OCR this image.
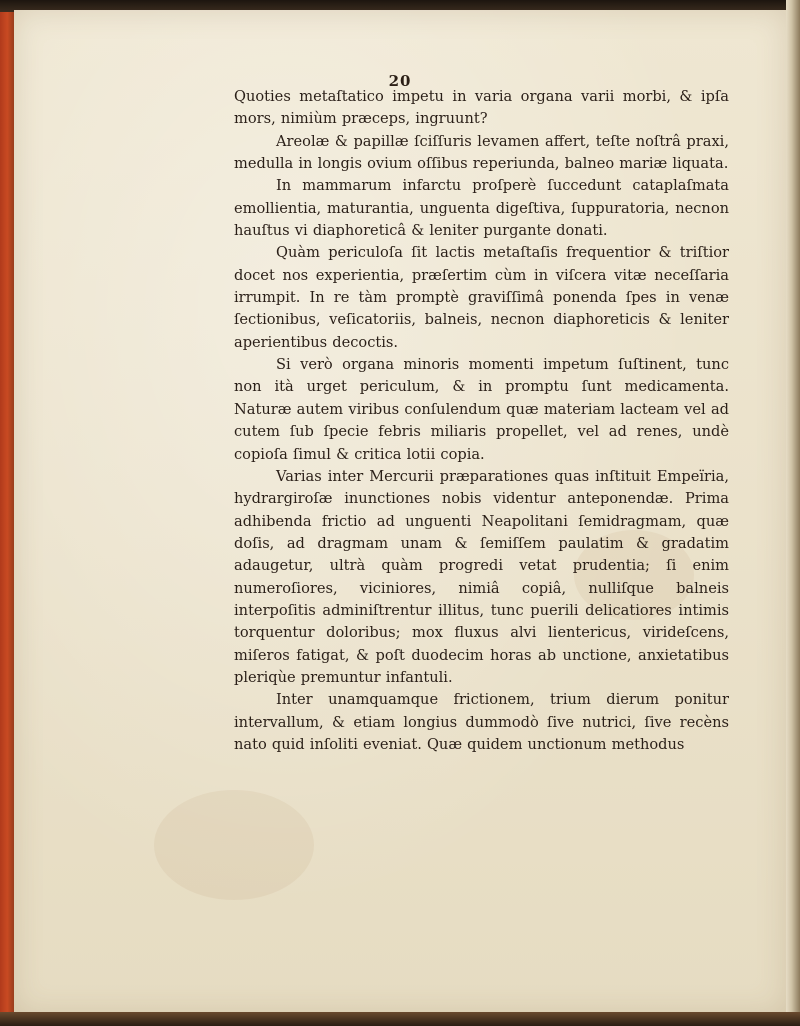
20

Quoties metaſtatico impetu in varia organa varii morbi, & ipſa mors, nimiùm præceps, ingruunt?

Areolæ & papillæ ſciſſuris levamen affert, teſte noſtrâ praxi, medulla in longis ovium oſſibus reperiunda, balneo mariæ liquata.

In mammarum infarctu proſperè ſuccedunt cataplaſmata emollientia, maturantia, unguenta digeſtiva, ſuppuratoria, necnon hauſtus vi diaphoreticâ & leniter purgante donati.

Quàm periculoſa ſit lactis metaſtaſis frequentior & triſtior docet nos experientia, præſertim cùm in viſcera vitæ neceſſaria irrumpit. In re tàm promptè graviſſimâ ponenda ſpes in venæ ſectionibus, veſicatoriis, balneis, necnon diaphoreticis & leniter aperientibus decoctis.

Si verò organa minoris momenti impetum ſuſtinent, tunc non ità urget periculum, & in promptu ſunt medicamenta. Naturæ autem viribus conſulendum quæ materiam lacteam vel ad cutem ſub ſpecie febris miliaris propellet, vel ad renes, undè copioſa ſimul & critica lotii copia.

Varias inter Mercurii præparationes quas inſtituit Empeïria, hydrargiroſæ inunctiones nobis videntur anteponendæ. Prima adhibenda frictio ad unguenti Neapolitani ſemidragmam, quæ doſis, ad dragmam unam & ſemiſſem paulatim & gradatim adaugetur, ultrà quàm progredi vetat prudentia; ſi enim numeroſiores, viciniores, nimiâ copiâ, nulliſque balneis interpoſitis adminiſtrentur illitus, tunc puerili delicatiores intimis torquentur doloribus; mox fluxus alvi lientericus, virideſcens, miſeros fatigat, & poſt duodecim horas ab unctione, anxietatibus pleriqùe premuntur infantuli.

Inter unamquamque frictionem, trium dierum ponitur intervallum, & etiam longius dummodò ſive nutrici, ſive recèns nato quid inſoliti eveniat. Quæ quidem unctionum methodus
